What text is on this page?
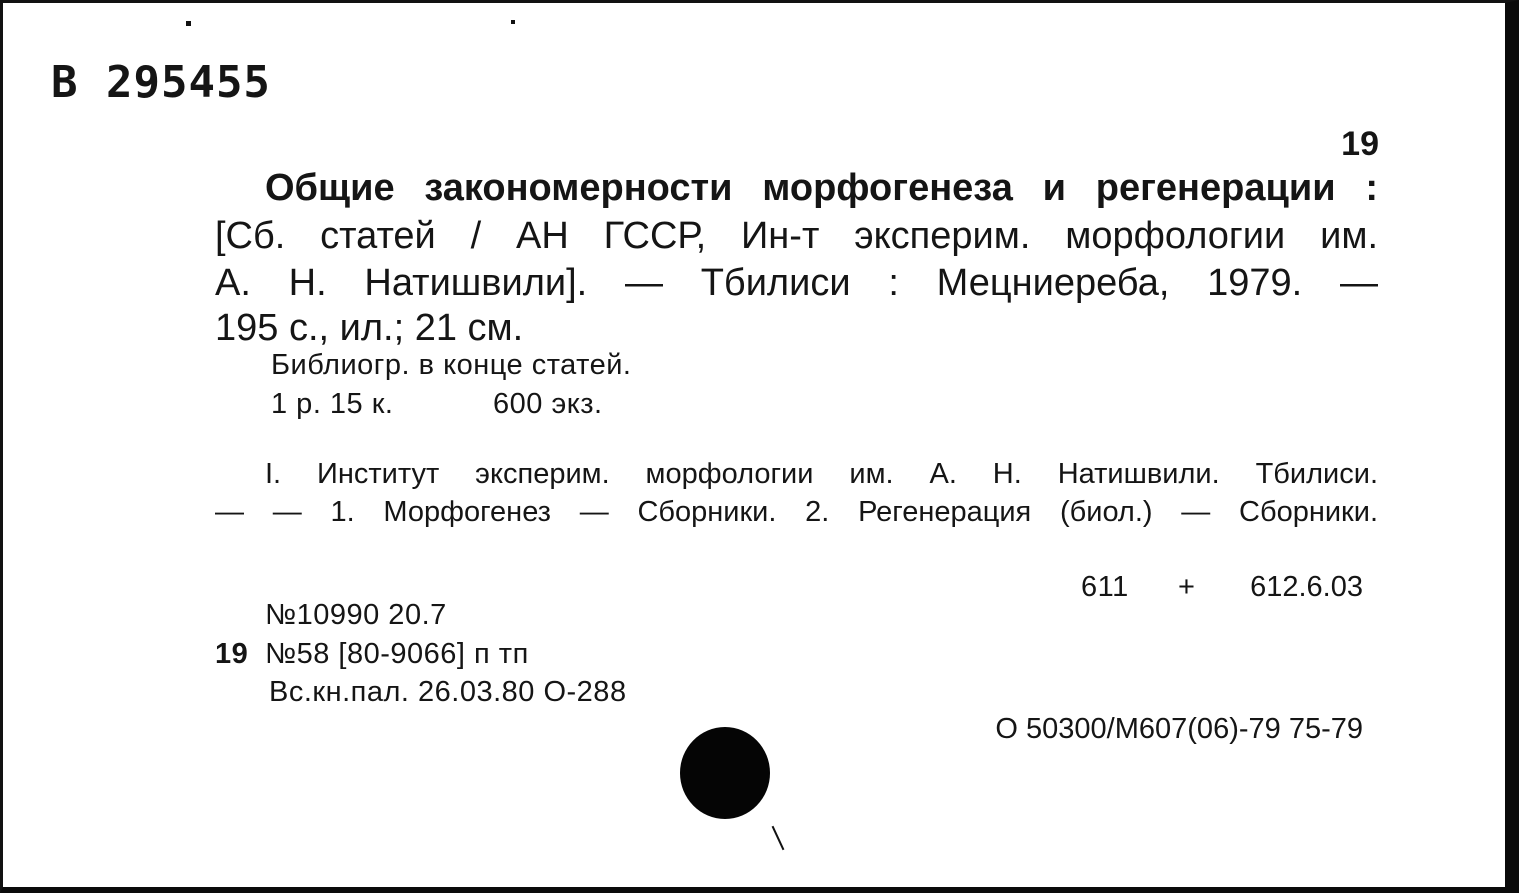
В 295455
19
Общие закономерности морфогенеза и регенерации :
[Сб. статей / АН ГССР, Ин-т эксперим. морфологии им.
А. Н. Натишвили]. — Тбилиси : Мецниереба, 1979. —
195 с., ил.; 21 см.
Библиогр. в конце статей.
1 р. 15 к.	600 экз.
I. Институт эксперим. морфологии им. А. Н. Натишвили. Тбилиси.
— — 1. Морфогенез — Сборники. 2. Регенерация (биол.) — Сборники.
611 + 612.6.03
№10990 20.7
19 №58 [80-9066] п тп
Вс.кн.пал. 26.03.80 О-288
О 50300/М607(06)-79 75-79
